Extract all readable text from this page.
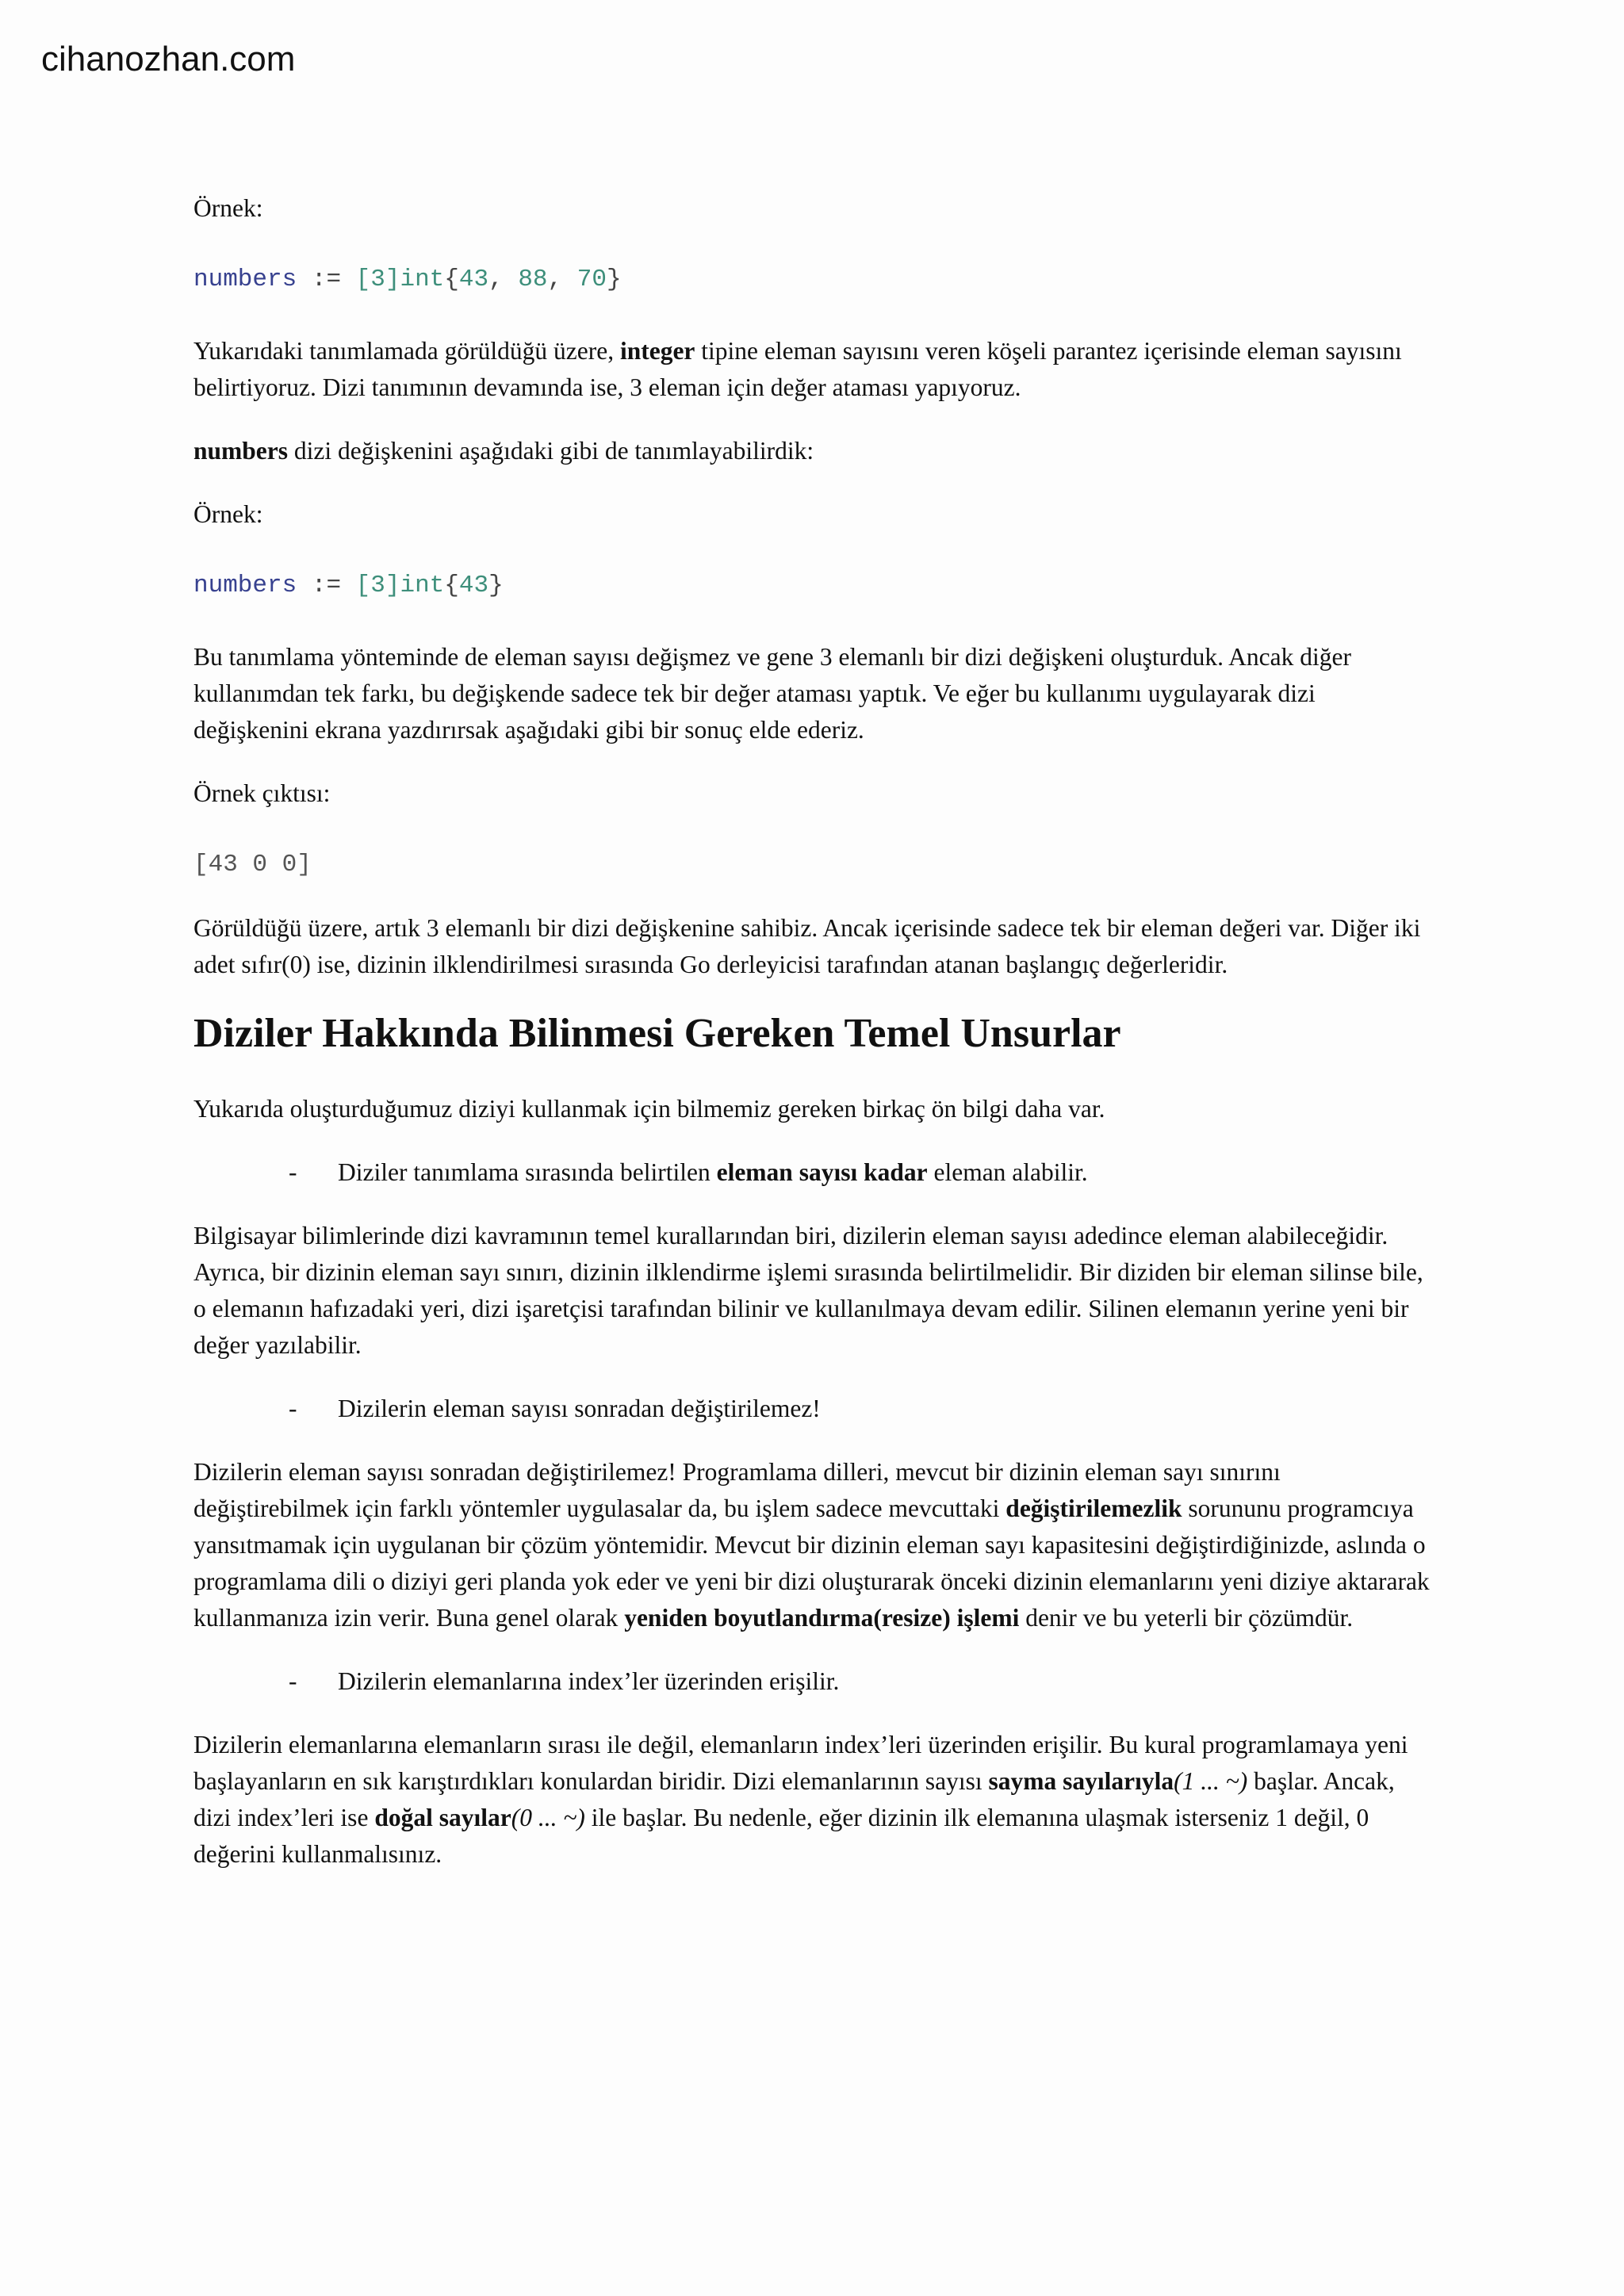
cihanozhan.com

Örnek:

numbers := [3]int{43, 88, 70}

Yukarıdaki tanımlamada görüldüğü üzere, integer tipine eleman sayısını veren köşeli parantez içerisinde eleman sayısını belirtiyoruz. Dizi tanımının devamında ise, 3 eleman için değer ataması yapıyoruz.

numbers dizi değişkenini aşağıdaki gibi de tanımlayabilirdik:

Örnek:

numbers := [3]int{43}

Bu tanımlama yönteminde de eleman sayısı değişmez ve gene 3 elemanlı bir dizi değişkeni oluşturduk. Ancak diğer kullanımdan tek farkı, bu değişkende sadece tek bir değer ataması yaptık. Ve eğer bu kullanımı uygulayarak dizi değişkenini ekrana yazdırırsak aşağıdaki gibi bir sonuç elde ederiz.

Örnek çıktısı:

[43 0 0]

Görüldüğü üzere, artık 3 elemanlı bir dizi değişkenine sahibiz. Ancak içerisinde sadece tek bir eleman değeri var. Diğer iki adet sıfır(0) ise, dizinin ilklendirilmesi sırasında Go derleyicisi tarafından atanan başlangıç değerleridir.

Diziler Hakkında Bilinmesi Gereken Temel Unsurlar

Yukarıda oluşturduğumuz diziyi kullanmak için bilmemiz gereken birkaç ön bilgi daha var.

-	Diziler tanımlama sırasında belirtilen eleman sayısı kadar eleman alabilir.

Bilgisayar bilimlerinde dizi kavramının temel kurallarından biri, dizilerin eleman sayısı adedince eleman alabileceğidir. Ayrıca, bir dizinin eleman sayı sınırı, dizinin ilklendirme işlemi sırasında belirtilmelidir. Bir diziden bir eleman silinse bile, o elemanın hafızadaki yeri, dizi işaretçisi tarafından bilinir ve kullanılmaya devam edilir. Silinen elemanın yerine yeni bir değer yazılabilir.

-	Dizilerin eleman sayısı sonradan değiştirilemez!

Dizilerin eleman sayısı sonradan değiştirilemez! Programlama dilleri, mevcut bir dizinin eleman sayı sınırını değiştirebilmek için farklı yöntemler uygulasalar da, bu işlem sadece mevcuttaki değiştirilemezlik sorununu programcıya yansıtmamak için uygulanan bir çözüm yöntemidir. Mevcut bir dizinin eleman sayı kapasitesini değiştirdiğinizde, aslında o programlama dili o diziyi geri planda yok eder ve yeni bir dizi oluşturarak önceki dizinin elemanlarını yeni diziye aktararak kullanmanıza izin verir. Buna genel olarak yeniden boyutlandırma(resize) işlemi denir ve bu yeterli bir çözümdür.

-	Dizilerin elemanlarına index’ler üzerinden erişilir.

Dizilerin elemanlarına elemanların sırası ile değil, elemanların index’leri üzerinden erişilir. Bu kural programlamaya yeni başlayanların en sık karıştırdıkları konulardan biridir. Dizi elemanlarının sayısı sayma sayılarıyla(1 ... ~) başlar. Ancak, dizi index’leri ise doğal sayılar(0 ... ~) ile başlar. Bu nedenle, eğer dizinin ilk elemanına ulaşmak isterseniz 1 değil, 0 değerini kullanmalısınız.
